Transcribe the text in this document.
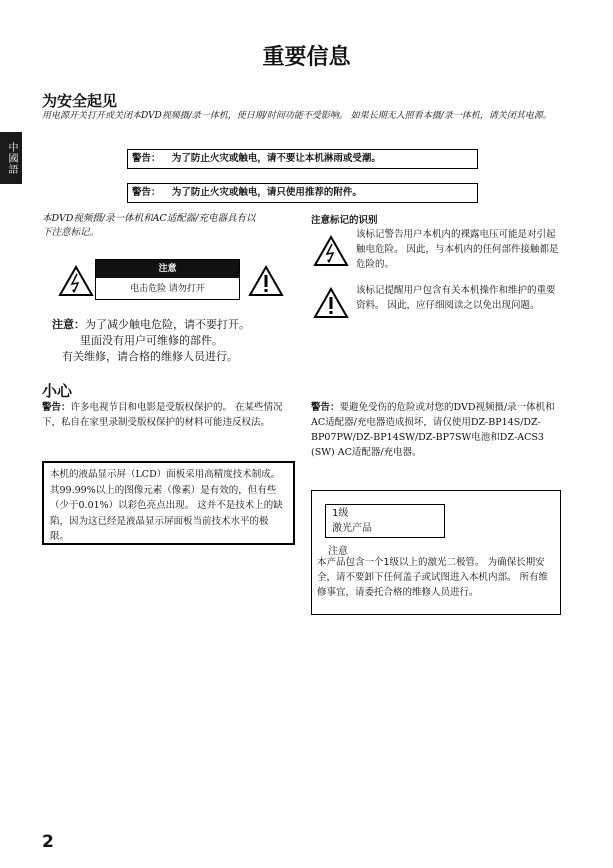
重要信息
中國語
为安全起见
用电源开关打开或关闭本DVD视频摄/录一体机，使日期/时间功能不受影响。 如果长期无人照看本摄/录一体机，请关闭其电源。
警告： 为了防止火灾或触电，请不要让本机淋雨或受潮。
警告： 为了防止火灾或触电，请只使用推荐的附件。
本DVD视频摄/录一体机和AC适配器/充电器具有以下注意标记。
注意
电击危险 请勿打开
注意：为了减少触电危险，请不要打开。
里面没有用户可维修的部件。
有关维修，请合格的维修人员进行。
注意标记的识别
该标记警告用户本机内的裸露电压可能是对引起触电危险。 因此，与本机内的任何部件接触都是危险的。
该标记提醒用户包含有关本机操作和维护的重要资料。 因此，应仔细阅读之以免出现问题。
小心
警告：许多电视节目和电影是受版权保护的。 在某些情况下，私自在家里录制受版权保护的材料可能违反权法。
本机的液晶显示屏（LCD）面板采用高精度技术制成。 其99.99%以上的图像元素（像素）是有效的，但有些（少于0.01%）以彩色亮点出现。 这并不是技术上的缺陷，因为这已经是液晶显示屏面板当前技术水平的极限。
警告：要避免受伤的危险或对您的DVD视频摄/录一体机和AC适配器/充电器造成损坏，请仅使用DZ-BP14S/DZ-BP07PW/DZ-BP14SW/DZ-BP7SW电池和DZ-ACS3 (SW) AC适配器/充电器。
1级
激光产品
注意
本产品包含一个1级以上的激光二极管。 为确保长期安全，请不要卸下任何盖子或试图进入本机内部。 所有维修事宜，请委托合格的维修人员进行。
2
